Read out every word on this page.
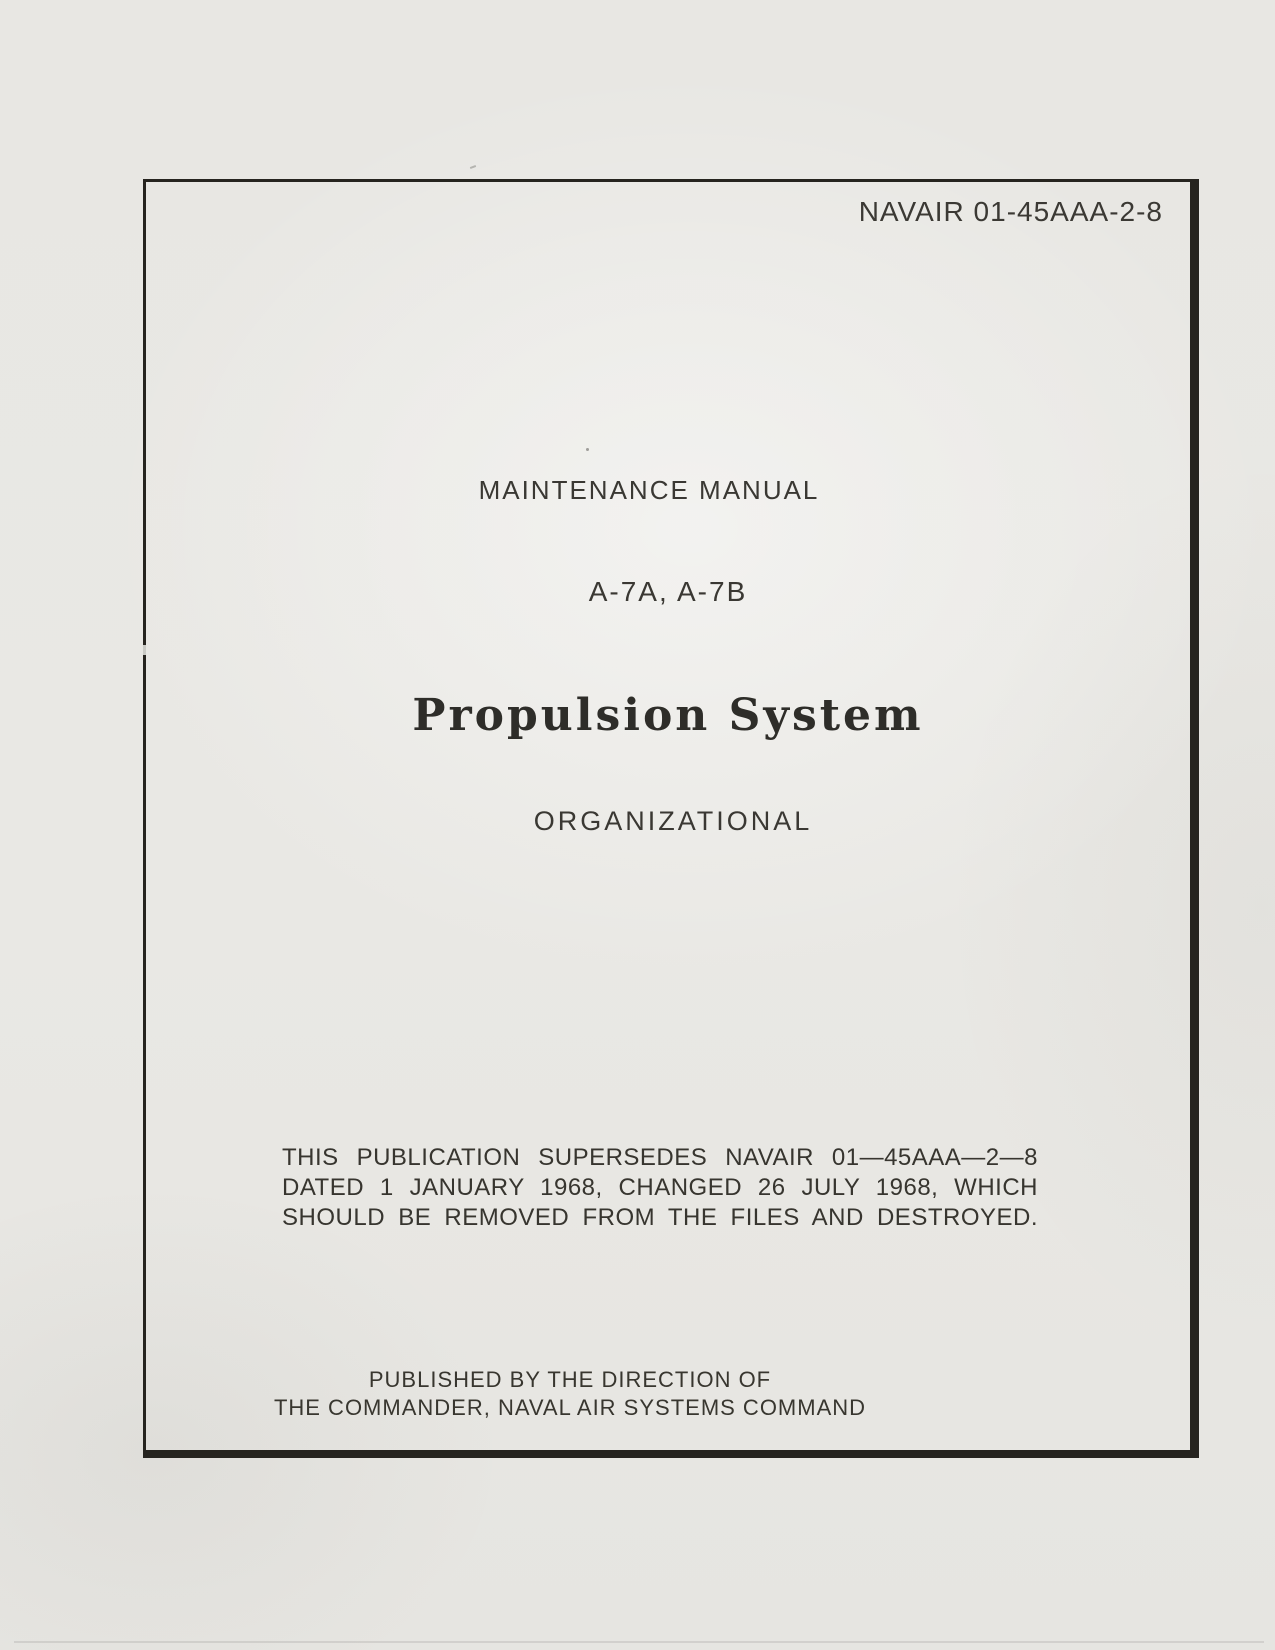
NAVAIR 01-45AAA-2-8
MAINTENANCE MANUAL
A-7A, A-7B
Propulsion System
ORGANIZATIONAL
THIS PUBLICATION SUPERSEDES NAVAIR 01—45AAA—2—8
DATED 1 JANUARY 1968, CHANGED 26 JULY 1968, WHICH
SHOULD BE REMOVED FROM THE FILES AND DESTROYED.
PUBLISHED BY THE DIRECTION OF
THE COMMANDER, NAVAL AIR SYSTEMS COMMAND
